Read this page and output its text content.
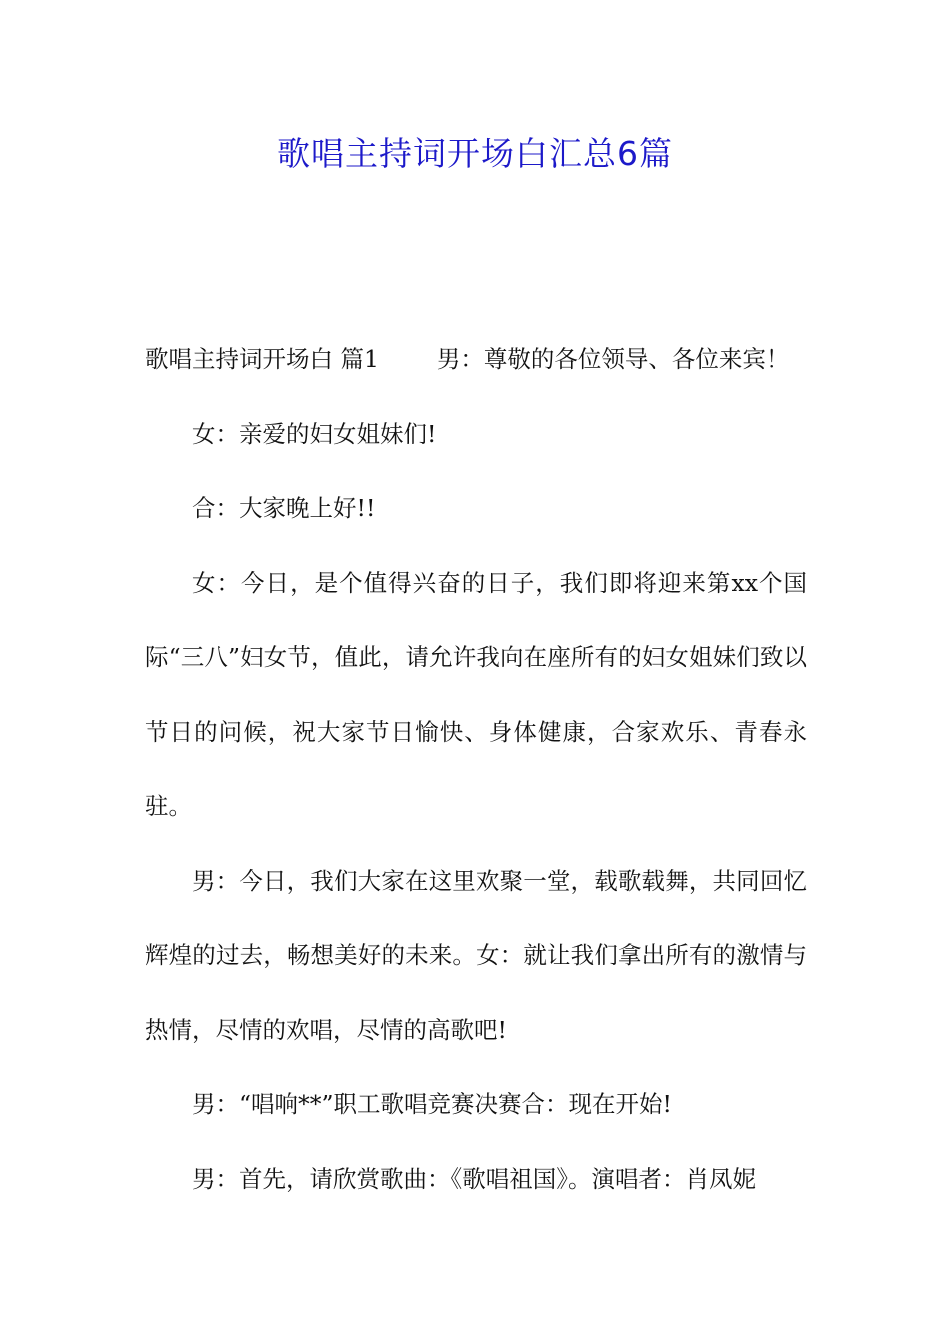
歌唱主持词开场白汇总6篇

歌唱主持词开场白 篇1 男：尊敬的各位领导、各位来宾！

女：亲爱的妇女姐妹们!

合：大家晚上好!!

女：今日，是个值得兴奋的日子，我们即将迎来第xx个国际“三八”妇女节，值此，请允许我向在座所有的妇女姐妹们致以节日的问候，祝大家节日愉快、身体健康，合家欢乐、青春永驻。

男：今日，我们大家在这里欢聚一堂，载歌载舞，共同回忆辉煌的过去，畅想美好的未来。女：就让我们拿出所有的激情与热情，尽情的欢唱，尽情的高歌吧!

男：“唱响**”职工歌唱竞赛决赛合：现在开始!

男：首先，请欣赏歌曲：《歌唱祖国》。演唱者：肖凤妮
